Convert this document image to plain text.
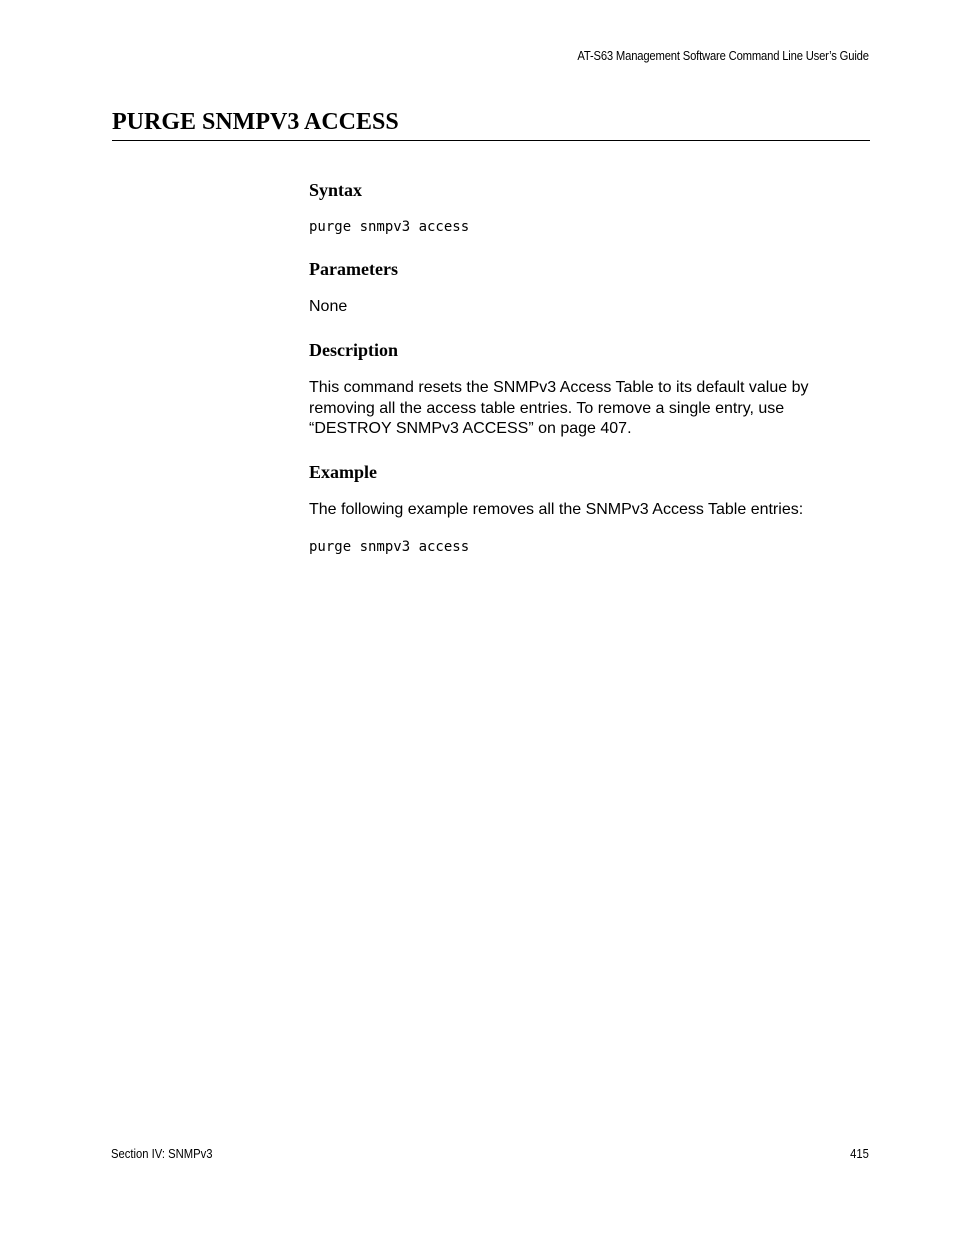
AT-S63 Management Software Command Line User’s Guide
PURGE SNMPV3 ACCESS
Syntax
purge snmpv3 access
Parameters

None

Description

This command resets the SNMPv3 Access Table to its default value by removing all the access table entries. To remove a single entry, use “DESTROY SNMPv3 ACCESS” on page 407.

Example

The following example removes all the SNMPv3 Access Table entries:

purge snmpv3 access
Section IV: SNMPv3	415
